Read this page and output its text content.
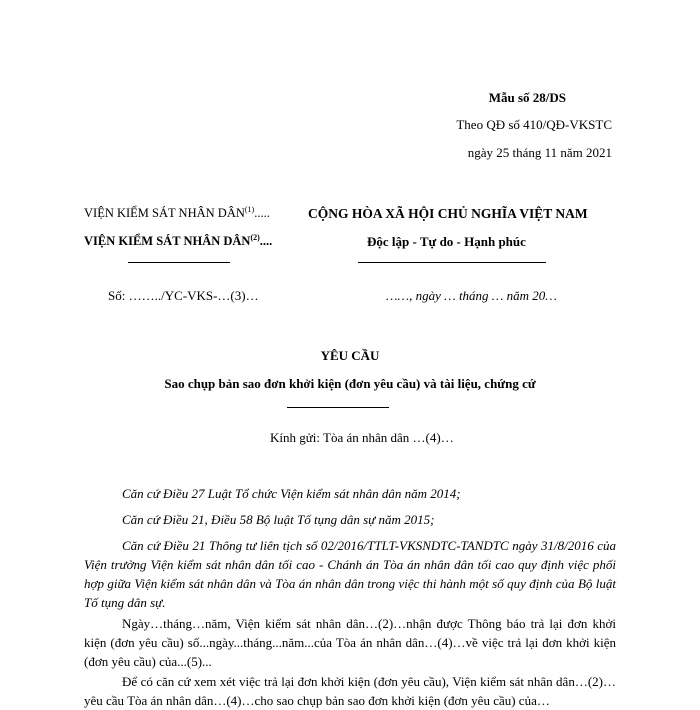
Mẫu số 28/DS
Theo QĐ số 410/QĐ-VKSTC
ngày 25 tháng 11 năm 2021
VIỆN KIỂM SÁT NHÂN DÂN$^{(1)}$.....
VIỆN KIỂM SÁT NHÂN DÂN$^{(2)}$....
Số: ……../YC-VKS-…(3)…
CỘNG HÒA XÃ HỘI CHỦ NGHĨA VIỆT NAM
Độc lập - Tự do - Hạnh phúc
……, ngày … tháng … năm 20…
YÊU CẦU
Sao chụp bản sao đơn khởi kiện (đơn yêu cầu) và tài liệu, chứng cứ
Kính gửi: Tòa án nhân dân …(4)…
Căn cứ Điều 27 Luật Tổ chức Viện kiểm sát nhân dân năm 2014;
Căn cứ Điều 21, Điều 58 Bộ luật Tố tụng dân sự năm 2015;
Căn cứ Điều 21 Thông tư liên tịch số 02/2016/TTLT-VKSNDTC-TANDTC ngày 31/8/2016 của Viện trưởng Viện kiểm sát nhân dân tối cao - Chánh án Tòa án nhân dân tối cao quy định việc phối hợp giữa Viện kiểm sát nhân dân và Tòa án nhân dân trong việc thi hành một số quy định của Bộ luật Tố tụng dân sự.
Ngày…tháng…năm, Viện kiểm sát nhân dân…(2)…nhận được Thông báo trả lại đơn khởi kiện (đơn yêu cầu) số...ngày...tháng...năm...của Tòa án nhân dân…(4)…về việc trả lại đơn khởi kiện (đơn yêu cầu) của...(5)...
Để có căn cứ xem xét việc trả lại đơn khởi kiện (đơn yêu cầu), Viện kiểm sát nhân dân…(2)… yêu cầu Tòa án nhân dân…(4)…cho sao chụp bản sao đơn khởi kiện (đơn yêu cầu) của…
